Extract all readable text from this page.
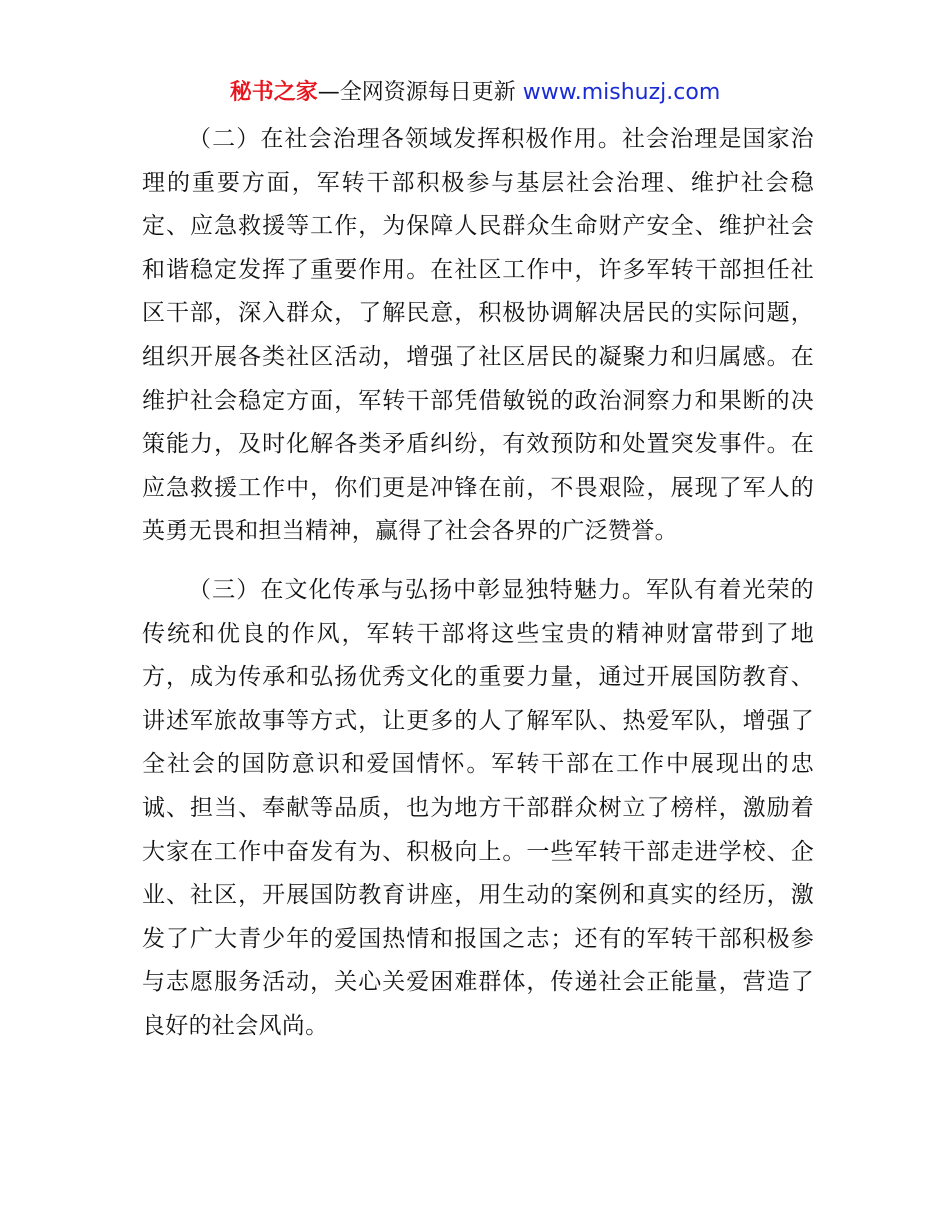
秘书之家—全网资源每日更新 www.mishuzj.com

（二）在社会治理各领域发挥积极作用。社会治理是国家治理的重要方面，军转干部积极参与基层社会治理、维护社会稳定、应急救援等工作，为保障人民群众生命财产安全、维护社会和谐稳定发挥了重要作用。在社区工作中，许多军转干部担任社区干部，深入群众，了解民意，积极协调解决居民的实际问题，组织开展各类社区活动，增强了社区居民的凝聚力和归属感。在维护社会稳定方面，军转干部凭借敏锐的政治洞察力和果断的决策能力，及时化解各类矛盾纠纷，有效预防和处置突发事件。在应急救援工作中，你们更是冲锋在前，不畏艰险，展现了军人的英勇无畏和担当精神，赢得了社会各界的广泛赞誉。

（三）在文化传承与弘扬中彰显独特魅力。军队有着光荣的传统和优良的作风，军转干部将这些宝贵的精神财富带到了地方，成为传承和弘扬优秀文化的重要力量，通过开展国防教育、讲述军旅故事等方式，让更多的人了解军队、热爱军队，增强了全社会的国防意识和爱国情怀。军转干部在工作中展现出的忠诚、担当、奉献等品质，也为地方干部群众树立了榜样，激励着大家在工作中奋发有为、积极向上。一些军转干部走进学校、企业、社区，开展国防教育讲座，用生动的案例和真实的经历，激发了广大青少年的爱国热情和报国之志；还有的军转干部积极参与志愿服务活动，关心关爱困难群体，传递社会正能量，营造了良好的社会风尚。
